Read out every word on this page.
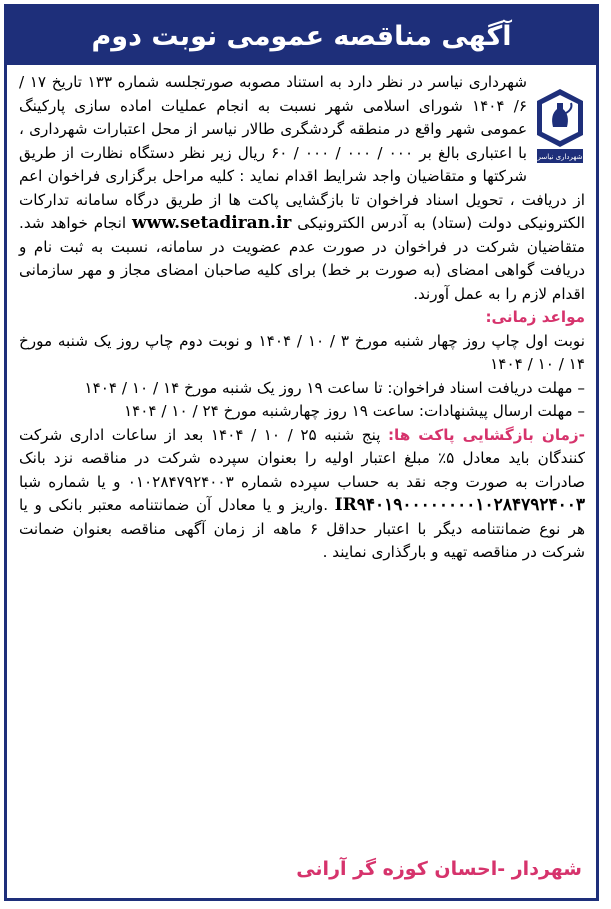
آگهی مناقصه عمومی نوبت دوم
شهرداری نیاسر

شهرداری نیاسر در نظر دارد به استناد مصوبه صورتجلسه شماره ۱۳۳ تاریخ ۱۷ / ۶/ ۱۴۰۴ شورای اسلامی شهر نسبت به انجام عملیات اماده سازی پارکینگ عمومی شهر واقع در منطقه گردشگری طالار نیاسر از محل اعتبارات شهرداری ، با اعتباری بالغ بر ۰۰۰ / ۰۰۰ / ۰۰۰ / ۶۰ ریال زیر نظر دستگاه نظارت از طریق شرکتها و متقاضیان واجد شرایط اقدام نماید : کلیه مراحل برگزاری فراخوان اعم از دریافت ، تحویل اسناد فراخوان تا بازگشایی پاکت ها از طریق درگاه سامانه تدارکات الکترونیکی دولت (ستاد) به آدرس الکترونیکی www.setadiran.ir انجام خواهد شد. متقاضیان شرکت در فراخوان در صورت عدم عضویت در سامانه، نسبت به ثبت نام و دریافت گواهی امضای (به صورت بر خط) برای کلیه صاحبان امضای مجاز و مهر سازمانی اقدام لازم را به عمل آورند.

مواعد زمانی:

نوبت اول چاپ روز چهار شنبه مورخ ۳ / ۱۰ / ۱۴۰۴ و نوبت دوم چاپ روز یک شنبه مورخ ۱۴ / ۱۰ / ۱۴۰۴

– مهلت دریافت اسناد فراخوان: تا ساعت ۱۹ روز یک شنبه مورخ ۱۴ / ۱۰ / ۱۴۰۴

– مهلت ارسال پیشنهادات: ساعت ۱۹ روز چهارشنبه مورخ ۲۴ / ۱۰ / ۱۴۰۴

-زمان بازگشایی پاکت ها: پنج شنبه ۲۵ / ۱۰ / ۱۴۰۴ بعد از ساعات اداری شرکت کنندگان باید معادل ۵٪ مبلغ اعتبار اولیه را بعنوان سپرده شرکت در مناقصه نزد بانک صادرات به صورت وجه نقد به حساب سپرده شماره ۰۱۰۲۸۴۷۹۲۴۰۰۳ و یا شماره شبا IR۹۴۰۱۹۰۰۰۰۰۰۰۰۱۰۲۸۴۷۹۲۴۰۰۳ .واریز و یا معادل آن ضمانتنامه معتبر بانکی و یا هر نوع ضمانتنامه دیگر با اعتبار حداقل ۶ ماهه از زمان آگهی مناقصه بعنوان ضمانت شرکت در مناقصه تهیه و بارگذاری نمایند .

شهردار -احسان کوزه گر آرانی
